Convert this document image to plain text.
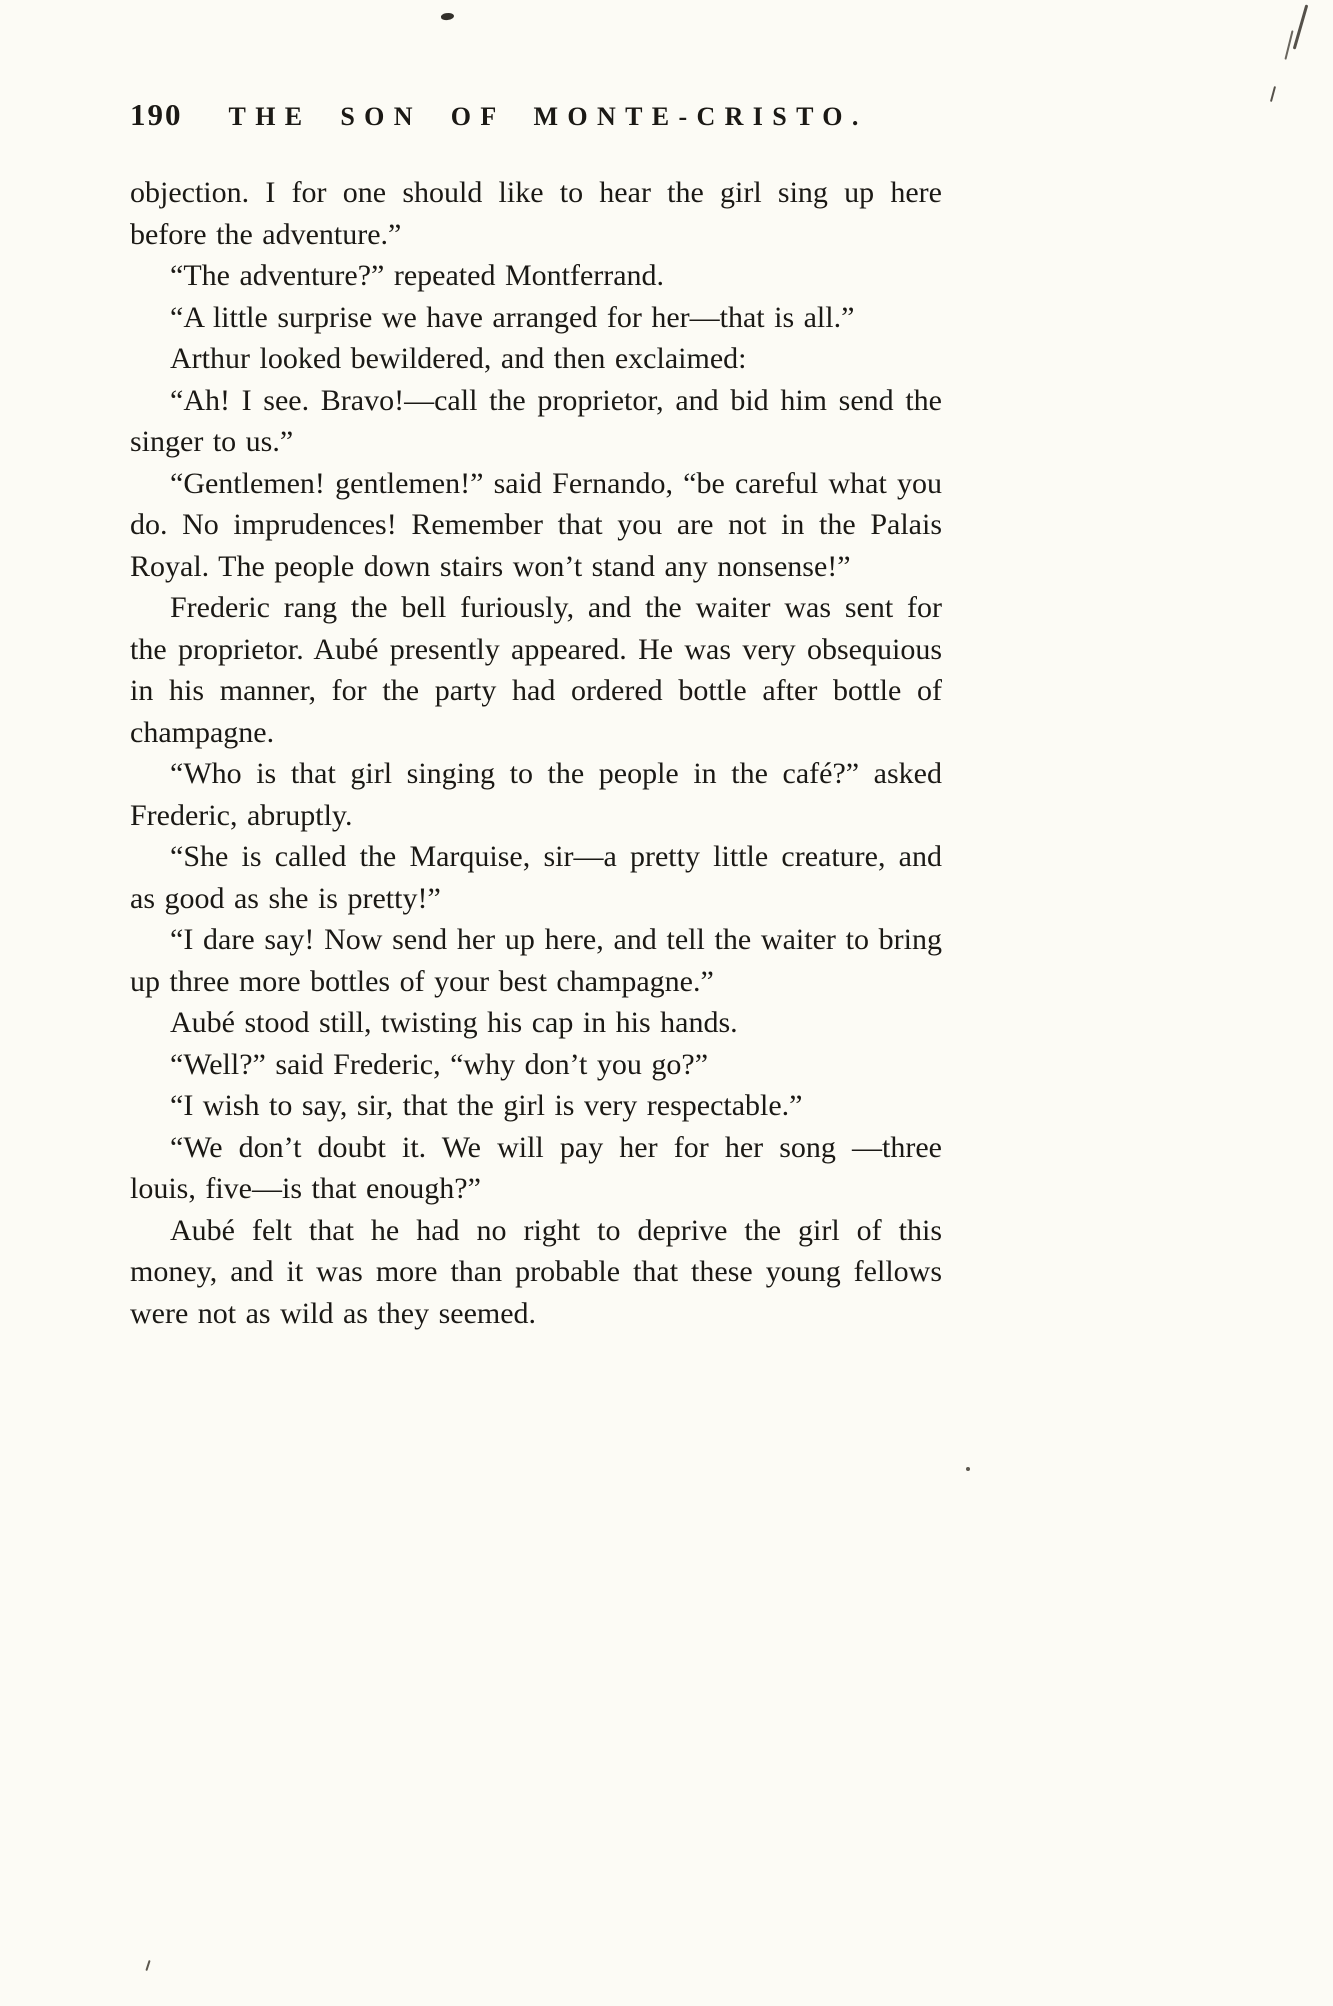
190 THE SON OF MONTE-CRISTO.

objection. I for one should like to hear the girl sing up here before the adventure.”

“The adventure?” repeated Montferrand.

“A little surprise we have arranged for her—that is all.”

Arthur looked bewildered, and then exclaimed:

“Ah! I see. Bravo!—call the proprietor, and bid him send the singer to us.”

“Gentlemen! gentlemen!” said Fernando, “be careful what you do. No imprudences! Remember that you are not in the Palais Royal. The people down stairs won’t stand any nonsense!”

Frederic rang the bell furiously, and the waiter was sent for the proprietor. Aubé presently appeared. He was very obsequious in his manner, for the party had ordered bottle after bottle of champagne.

“Who is that girl singing to the people in the café?” asked Frederic, abruptly.

“She is called the Marquise, sir—a pretty little creature, and as good as she is pretty!”

“I dare say! Now send her up here, and tell the waiter to bring up three more bottles of your best champagne.”

Aubé stood still, twisting his cap in his hands.

“Well?” said Frederic, “why don’t you go?”

“I wish to say, sir, that the girl is very respectable.”

“We don’t doubt it. We will pay her for her song —three louis, five—is that enough?”

Aubé felt that he had no right to deprive the girl of this money, and it was more than probable that these young fellows were not as wild as they seemed.
